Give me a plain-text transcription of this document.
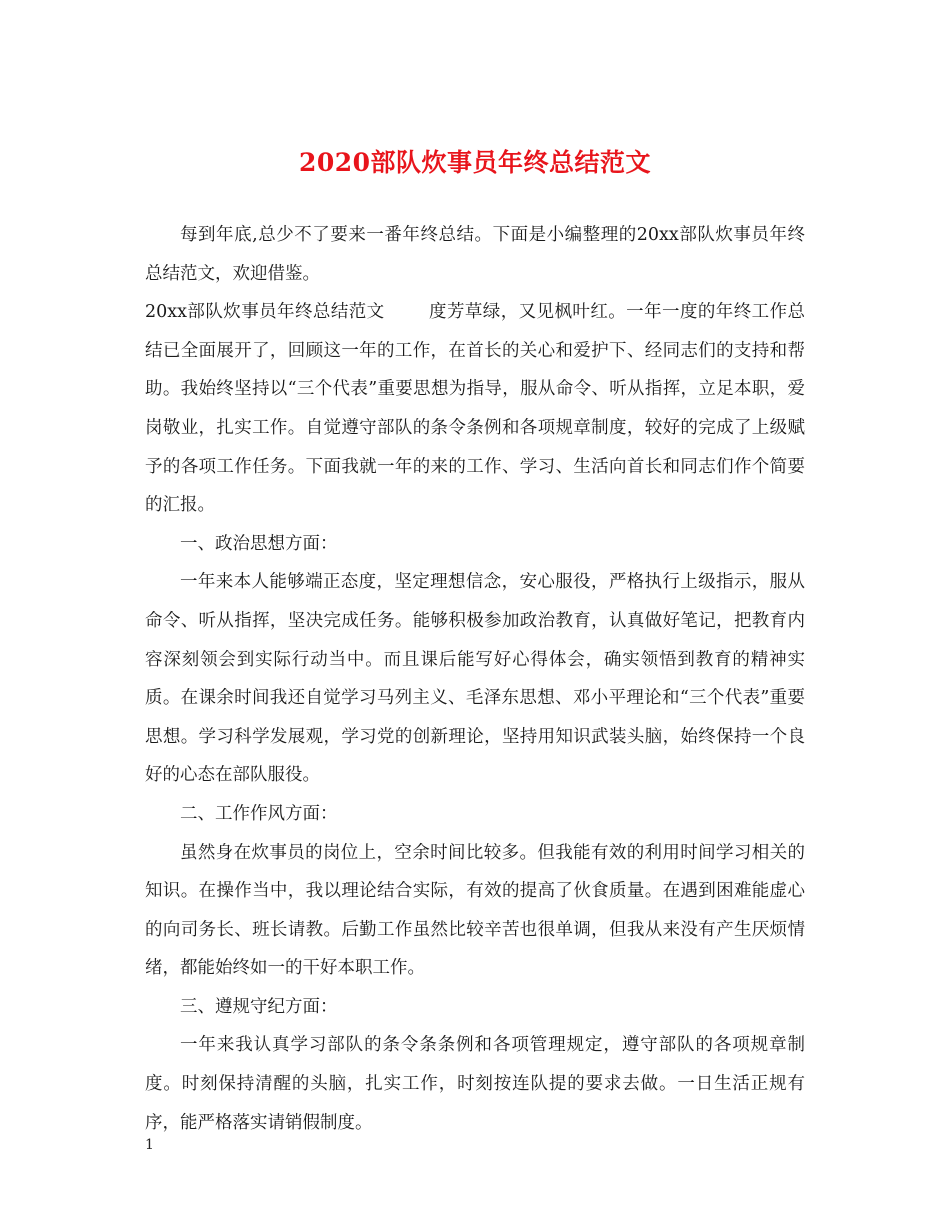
2020部队炊事员年终总结范文

每到年底,总少不了要来一番年终总结。下面是小编整理的20xx部队炊事员年终总结范文，欢迎借鉴。

20xx部队炊事员年终总结范文	度芳草绿，又见枫叶红。一年一度的年终工作总结已全面展开了，回顾这一年的工作，在首长的关心和爱护下、经同志们的支持和帮助。我始终坚持以“三个代表”重要思想为指导，服从命令、听从指挥，立足本职，爱岗敬业，扎实工作。自觉遵守部队的条令条例和各项规章制度，较好的完成了上级赋予的各项工作任务。下面我就一年的来的工作、学习、生活向首长和同志们作个简要的汇报。

一、政治思想方面：

一年来本人能够端正态度，坚定理想信念，安心服役，严格执行上级指示，服从命令、听从指挥，坚决完成任务。能够积极参加政治教育，认真做好笔记，把教育内容深刻领会到实际行动当中。而且课后能写好心得体会，确实领悟到教育的精神实质。在课余时间我还自觉学习马列主义、毛泽东思想、邓小平理论和“三个代表”重要思想。学习科学发展观，学习党的创新理论，坚持用知识武装头脑，始终保持一个良好的心态在部队服役。

二、工作作风方面：

虽然身在炊事员的岗位上，空余时间比较多。但我能有效的利用时间学习相关的知识。在操作当中，我以理论结合实际，有效的提高了伙食质量。在遇到困难能虚心的向司务长、班长请教。后勤工作虽然比较辛苦也很单调，但我从来没有产生厌烦情绪，都能始终如一的干好本职工作。

三、遵规守纪方面：

一年来我认真学习部队的条令条条例和各项管理规定，遵守部队的各项规章制度。时刻保持清醒的头脑，扎实工作，时刻按连队提的要求去做。一日生活正规有序，能严格落实请销假制度。

1
